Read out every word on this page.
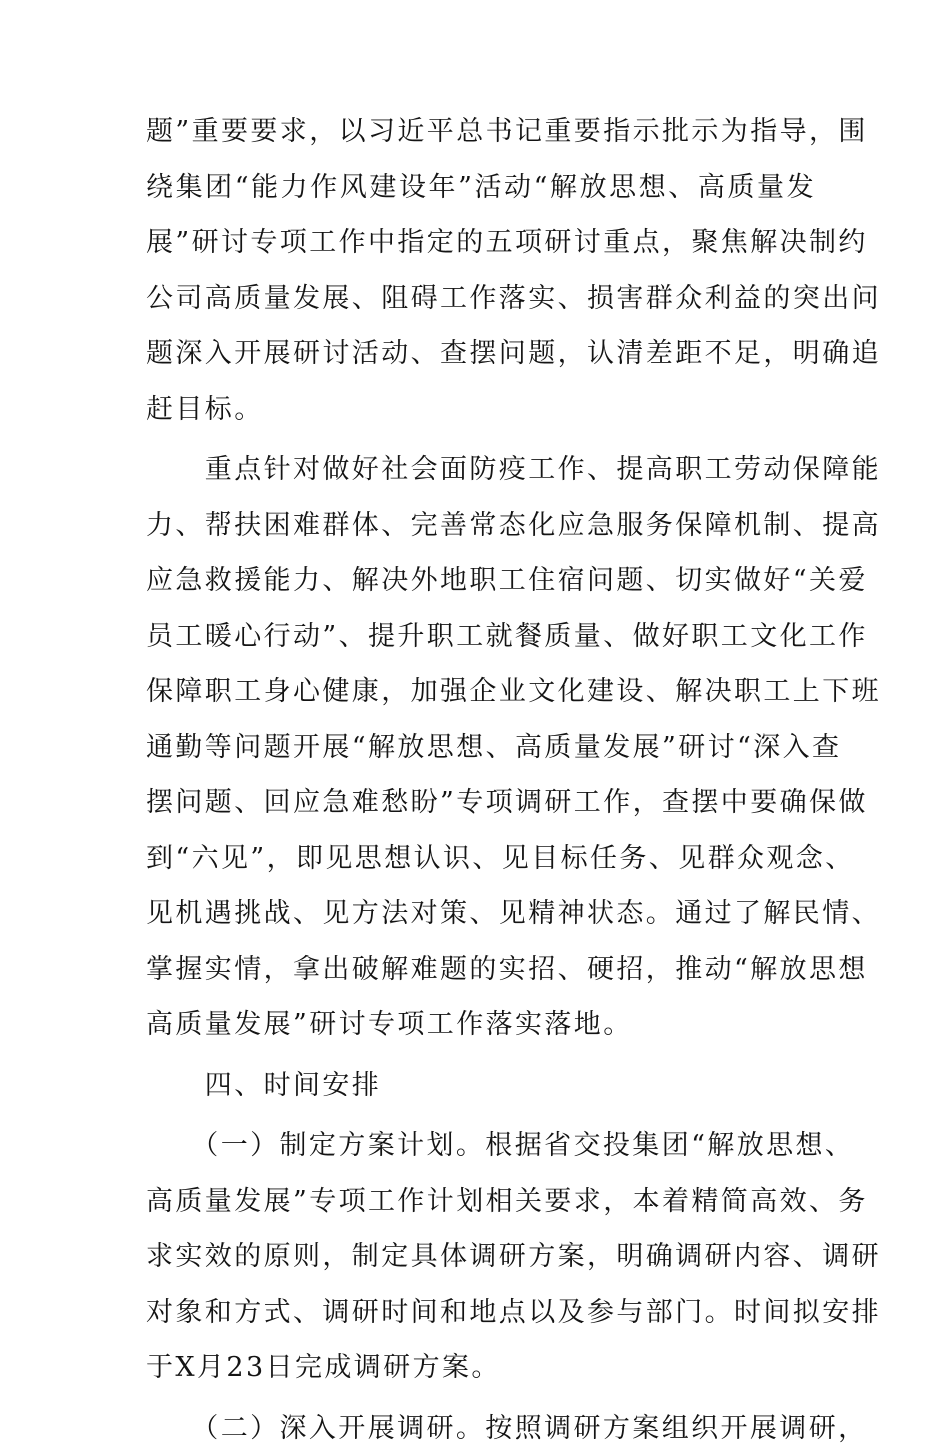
题”重要要求，以习近平总书记重要指示批示为指导，围
绕集团“能力作风建设年”活动“解放思想、高质量发
展”研讨专项工作中指定的五项研讨重点，聚焦解决制约
公司高质量发展、阻碍工作落实、损害群众利益的突出问
题深入开展研讨活动、查摆问题，认清差距不足，明确追
赶目标。
　　重点针对做好社会面防疫工作、提高职工劳动保障能
力、帮扶困难群体、完善常态化应急服务保障机制、提高
应急救援能力、解决外地职工住宿问题、切实做好“关爱
员工暖心行动”、提升职工就餐质量、做好职工文化工作
保障职工身心健康，加强企业文化建设、解决职工上下班
通勤等问题开展“解放思想、高质量发展”研讨“深入查
摆问题、回应急难愁盼”专项调研工作，查摆中要确保做
到“六见”，即见思想认识、见目标任务、见群众观念、
见机遇挑战、见方法对策、见精神状态。通过了解民情、
掌握实情，拿出破解难题的实招、硬招，推动“解放思想
高质量发展”研讨专项工作落实落地。
　　四、时间安排
　　（一）制定方案计划。根据省交投集团“解放思想、
高质量发展”专项工作计划相关要求，本着精简高效、务
求实效的原则，制定具体调研方案，明确调研内容、调研
对象和方式、调研时间和地点以及参与部门。时间拟安排
于X月23日完成调研方案。
　　（二）深入开展调研。按照调研方案组织开展调研，
